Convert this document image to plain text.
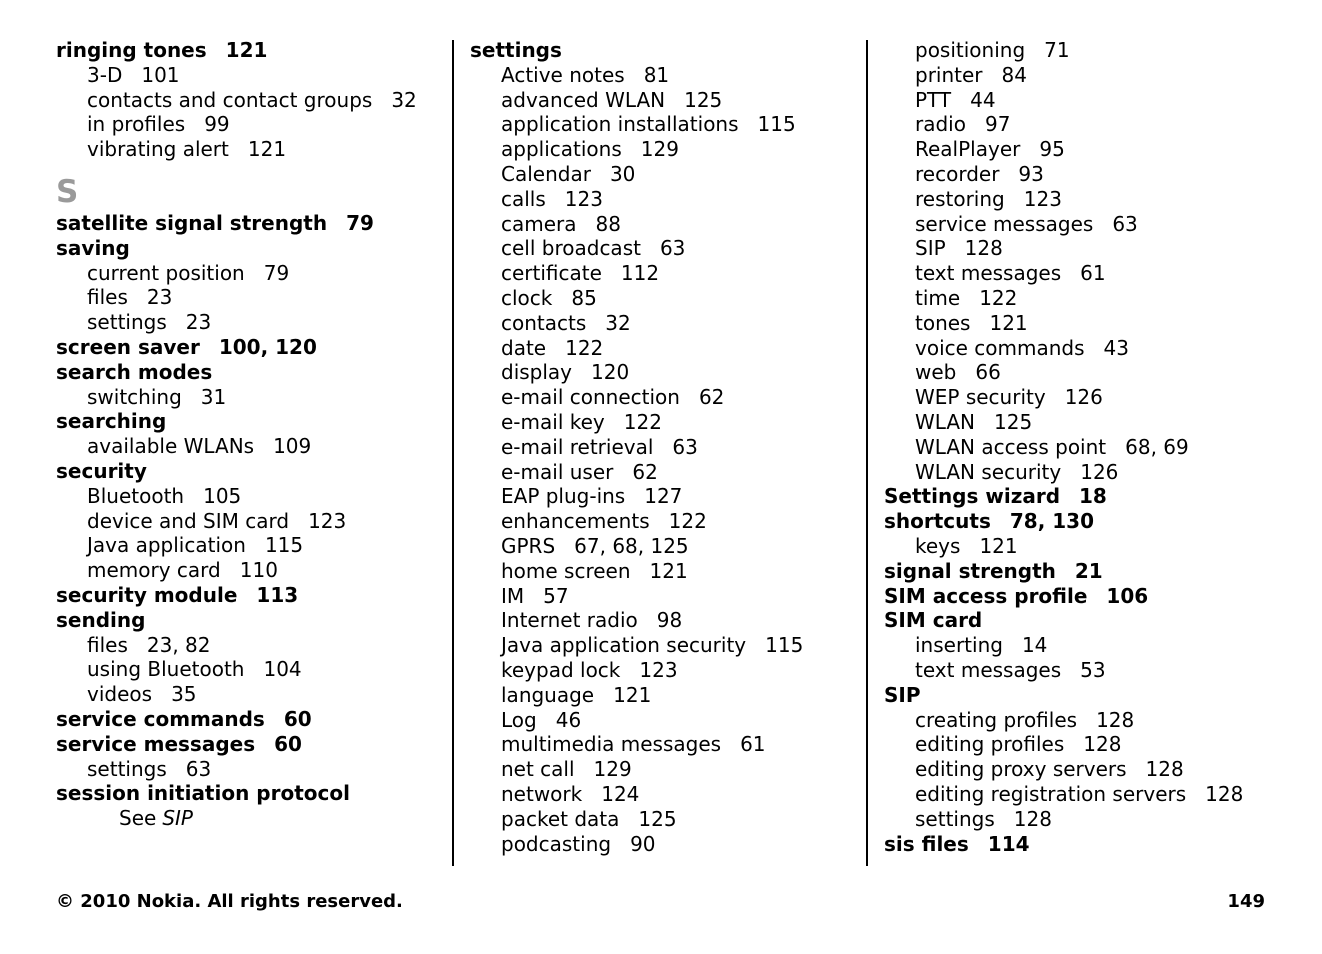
ringing tones 121
3-D 101
contacts and contact groups 32
in profiles 99
vibrating alert 121
S
satellite signal strength 79
saving
current position 79
files 23
settings 23
screen saver 100, 120
search modes
switching 31
searching
available WLANs 109
security
Bluetooth 105
device and SIM card 123
Java application 115
memory card 110
security module 113
sending
files 23, 82
using Bluetooth 104
videos 35
service commands 60
service messages 60
settings 63
session initiation protocol
See SIP
settings
Active notes 81
advanced WLAN 125
application installations 115
applications 129
Calendar 30
calls 123
camera 88
cell broadcast 63
certificate 112
clock 85
contacts 32
date 122
display 120
e-mail connection 62
e-mail key 122
e-mail retrieval 63
e-mail user 62
EAP plug-ins 127
enhancements 122
GPRS 67, 68, 125
home screen 121
IM 57
Internet radio 98
Java application security 115
keypad lock 123
language 121
Log 46
multimedia messages 61
net call 129
network 124
packet data 125
podcasting 90
positioning 71
printer 84
PTT 44
radio 97
RealPlayer 95
recorder 93
restoring 123
service messages 63
SIP 128
text messages 61
time 122
tones 121
voice commands 43
web 66
WEP security 126
WLAN 125
WLAN access point 68, 69
WLAN security 126
Settings wizard 18
shortcuts 78, 130
keys 121
signal strength 21
SIM access profile 106
SIM card
inserting 14
text messages 53
SIP
creating profiles 128
editing profiles 128
editing proxy servers 128
editing registration servers 128
settings 128
sis files 114
© 2010 Nokia. All rights reserved.	149
